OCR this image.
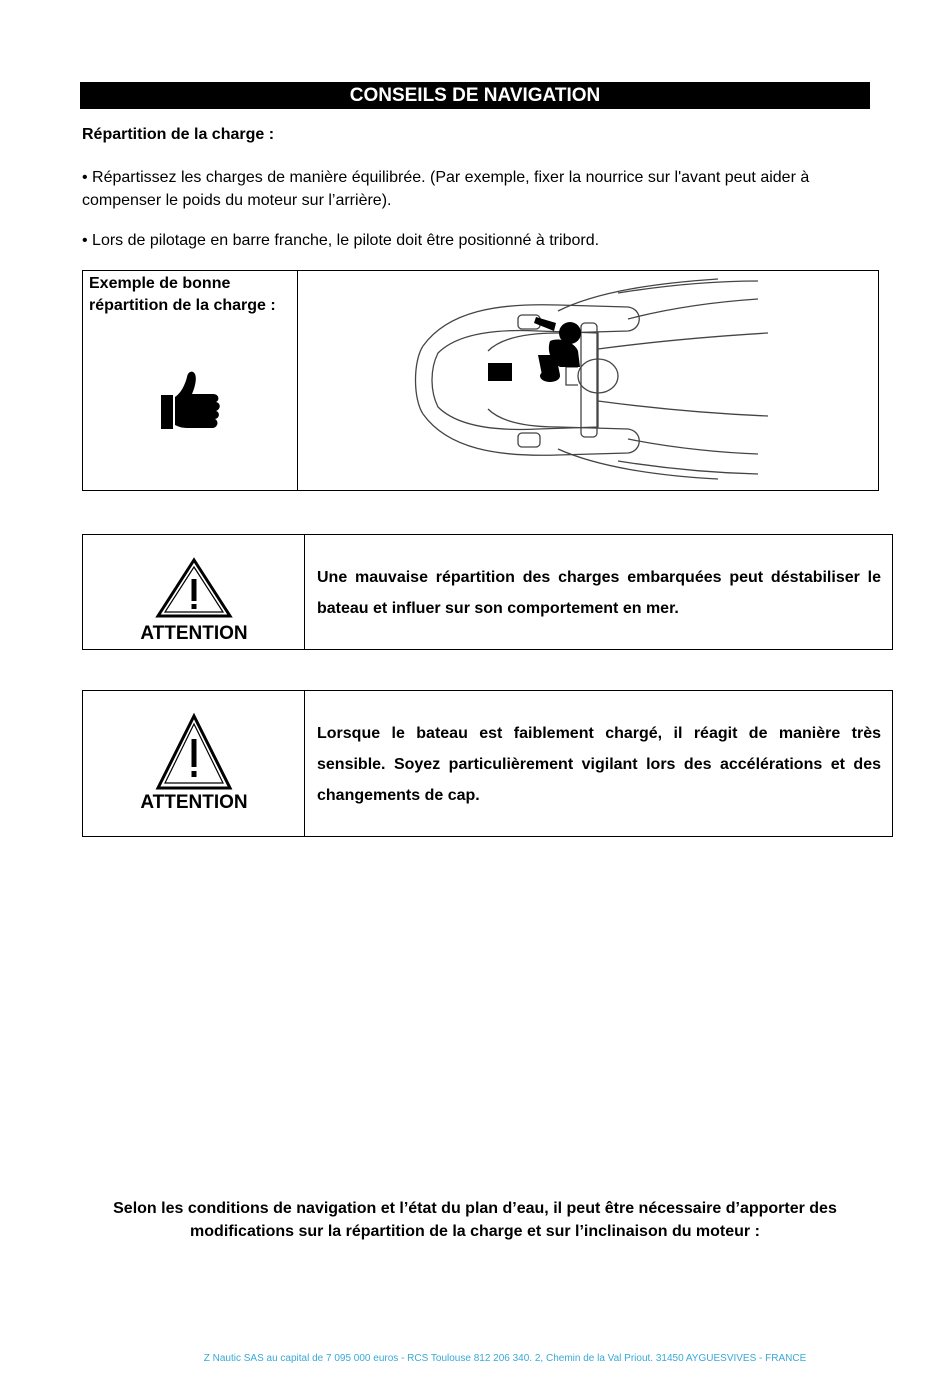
CONSEILS DE NAVIGATION
Répartition de la charge :
• Répartissez les charges de manière équilibrée. (Par exemple, fixer la nourrice sur l'avant peut aider à compenser le poids du moteur sur l’arrière).
• Lors de pilotage en barre franche, le pilote doit être positionné à tribord.
Exemple de bonne répartition de la charge :
ATTENTION
Une mauvaise répartition des charges embarquées peut déstabiliser le bateau et influer sur son comportement en mer.
ATTENTION
Lorsque le bateau est faiblement chargé, il réagit de manière très sensible. Soyez particulièrement vigilant lors des accélérations et des changements de cap.
Selon les conditions de navigation et l’état du plan d’eau, il peut être nécessaire d’apporter des modifications sur la répartition de la charge et sur l’inclinaison du moteur :
Z Nautic SAS au capital de 7 095 000 euros - RCS Toulouse 812 206 340. 2, Chemin de la Val Priout. 31450 AYGUESVIVES - FRANCE
